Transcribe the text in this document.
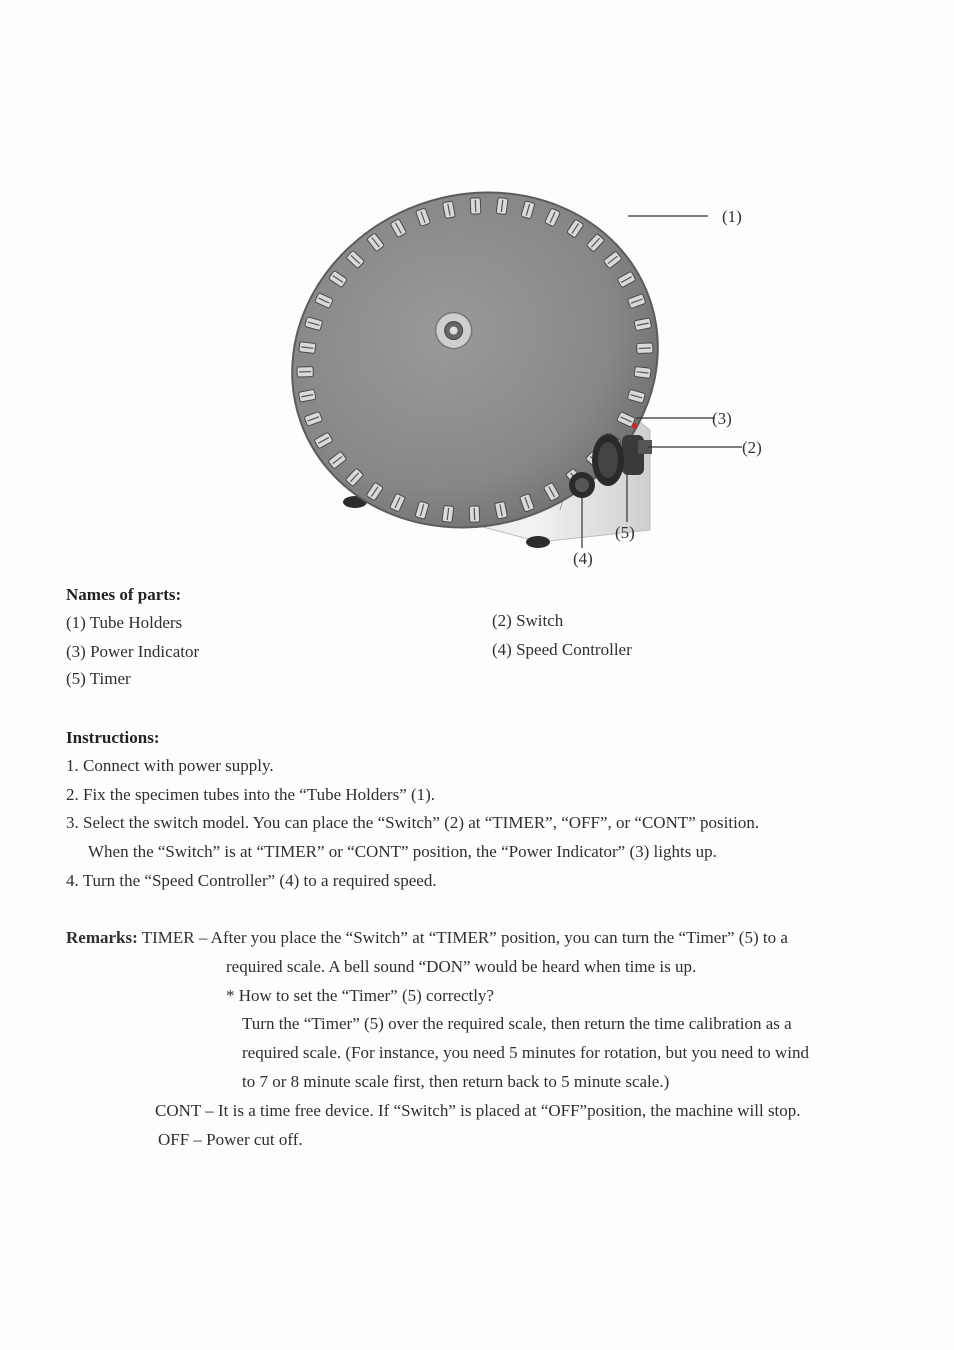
(1)
(3)
(2)
(5)
(4)
Names of parts:
(1) Tube Holders	(2) Switch
(3) Power Indicator	(4) Speed Controller
(5) Timer
Instructions:
1. Connect with power supply.
2. Fix the specimen tubes into the “Tube Holders” (1).
3. Select the switch model. You can place the “Switch” (2) at “TIMER”, “OFF”, or “CONT” position.
When the “Switch” is at “TIMER” or “CONT” position, the “Power Indicator” (3) lights up.
4. Turn the “Speed Controller” (4) to a required speed.
Remarks: TIMER – After you place the “Switch” at “TIMER” position, you can turn the “Timer” (5) to a
required scale. A bell sound “DON” would be heard when time is up.
* How to set the “Timer” (5) correctly?
Turn the “Timer” (5) over the required scale, then return the time calibration as a
required scale. (For instance, you need 5 minutes for rotation, but you need to wind
to 7 or 8 minute scale first, then return back to 5 minute scale.)
CONT – It is a time free device. If “Switch” is placed at “OFF”position, the machine will stop.
OFF – Power cut off.
